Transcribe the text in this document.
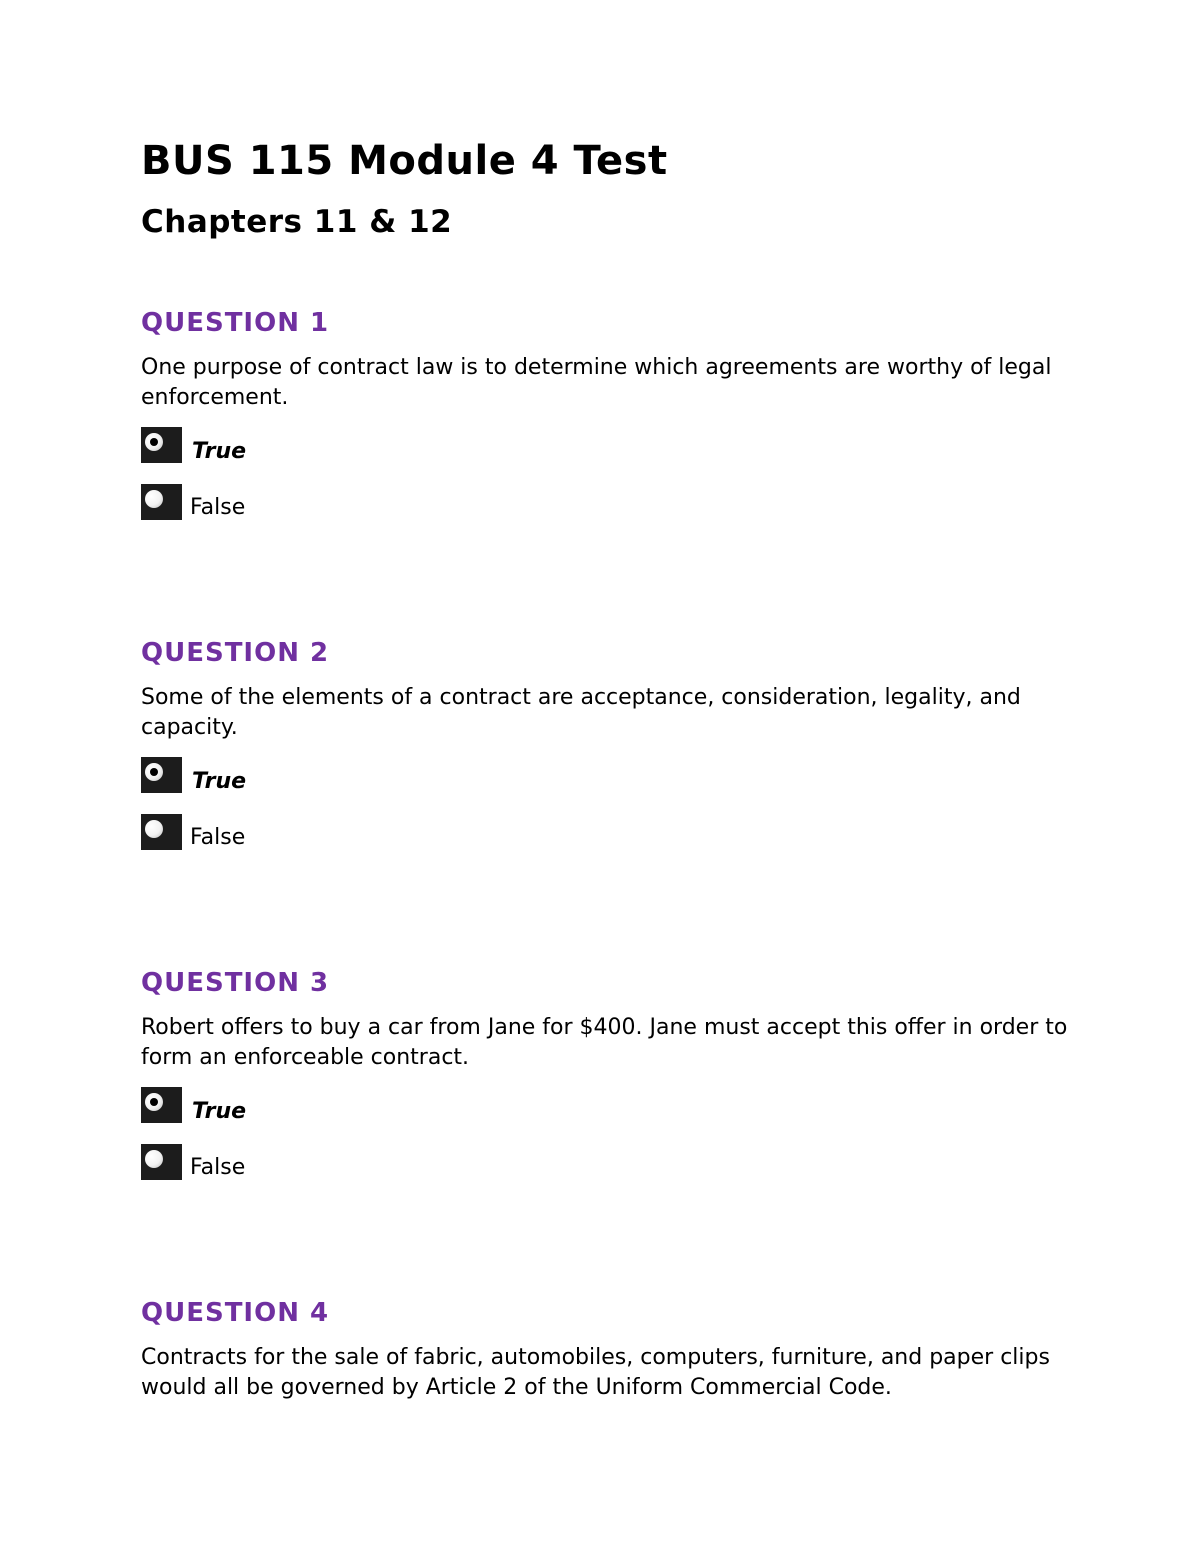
BUS 115 Module 4 Test
Chapters 11 & 12
QUESTION 1

One purpose of contract law is to determine which agreements are worthy of legal enforcement.

True
False
QUESTION 2

Some of the elements of a contract are acceptance, consideration, legality, and capacity.

True
False
QUESTION 3

Robert offers to buy a car from Jane for $400. Jane must accept this offer in order to form an enforceable contract.

True
False
QUESTION 4

Contracts for the sale of fabric, automobiles, computers, furniture, and paper clips would all be governed by Article 2 of the Uniform Commercial Code.
